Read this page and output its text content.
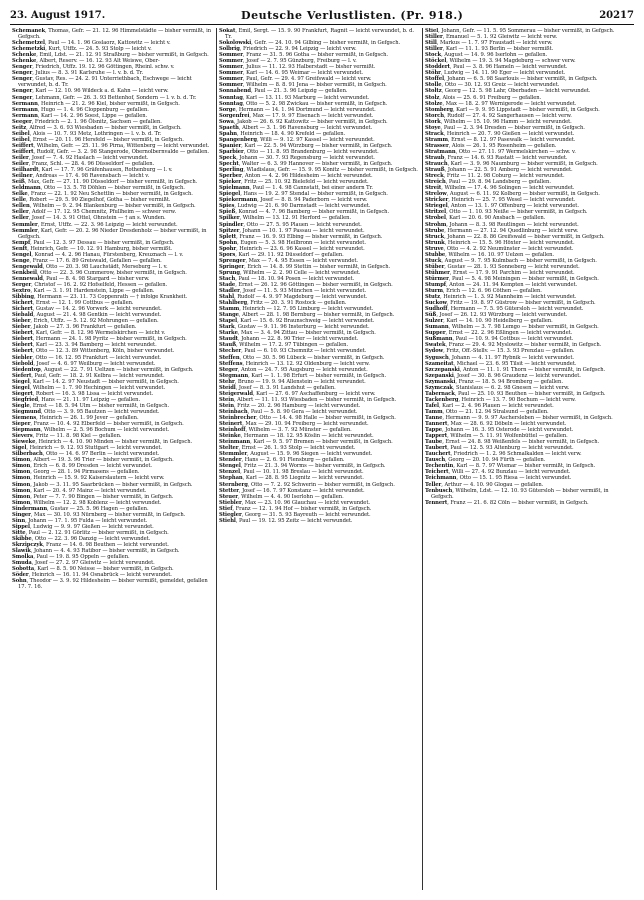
23. August 1917.	Deutsche Verlustlisten. (Pr. 918.)	20217

Schemanek, Thomas, Gefr. — 21. 12. 96 Himmelstädte — bisher vermißt, in Gefgsch.

Schemetzel, Paul — 14. 1. 96 Goslaorz, Kattowitz — leicht v.

Schemetzki, Kurt, Utffz. — 24. 5. 93 Stolp — leicht v.

Schenke, Emil, Ldst. — 21. 12. 91 Straßburg — bisher vermißt, in Gefgsch.

Schenke, Albert, Reserv. — 16. 12. 93 Alt Weiswe, Ober-

Senger, Friedrich, Utffz. 19. 12. 96 Göttingen, Rheinl. schw. v.

Senger, Julius — 8. 3. 91 Karlsruhe — l. v. b. d. Tr.

Senger, Gustav, Res. — 24. 2. 91 Unterriethbach, Eschwege — leicht verwundet, b. d. Tr.

Senger, Karl — 12. 10. 96 Wildeck a. d. Kahn — leicht verw.

Senger, Lehmann, Gefr. — 26. 3. 93 Bettenhof, Sondern — l. v. b. d. Tr.

Sermann, Heinrich — 21. 2. 96 Kiel, bisher vermißt, in Gefgsch.

Sermann, Hugo — 1. 4. 96 Cloppenburg — gefallen.

Sermann, Karl — 14. 2. 96 Soest, Lippe — gefallen.

Seeger, Friedrich — 2. 1. 96 Ölsnitz, Sachsen — gefallen.

Seitz, Alfred — 3. 6. 93 Wiesbaden — bisher vermißt, in Gefgsch.

Seibel, Alois — 10. 7. 93 Metz, Lothringen — l. v. b. d. Tr.

Seibel, Ernst — 20. 11. 96 Hersfeld — bisher vermißt, in Gefgsch.

Seiffert, Wilhelm, Gefr. — 25. 11. 96 Pirna, Wittenberg — leicht verwundet.

Seiffert, Rudolf, Gefr. — 3. 2. 98 Stangerode, Obernolbernvalde — gefallen.

Seiler, Josef — 7. 4. 92 Haslach — leicht verwundet.

Seiler, Franz, Schl. — 28. 4. 96 Düsseldorf — gefallen.

Seilhardt, Karl — 17. 7. 96 Gräfenhausen, Rothenburg — l. v.

Seilner, Andreas — 17. 4. 98 Ravensbach — leicht v.

Seiß, Max, Gefr. — 27. 11. 90 Düsseldorf — bisher vermißt, in Gefgsch.

Seldmann, Otto — 13. 5. 78 Döhlen — bisher vermißt, in Gefgsch.

Selke, Franz — 22. 1. 92 Neu Schettlin — bisher vermißt, in Gefgsch.

Selle, Robert — 29. 5. 90 Ziegelhof, Gotha — bisher vermißt.

Sellen, Wilhelm — 9. 2. 94 Blankenburg — bisher vermißt, in Gefgsch.

Seller, Adolf — 17. 12. 95 Chemnitz, Pfullheim — schwer verw.

Seller, Josef — 14. 3. 91 Ottel, Ohnstein — † an s. Wunden.

Semmler, Ernst, Utffz. — 22. 3. 96 Leipzig — leicht verwundet.

Semmler, Karl, Gefr. — 20. 2. 96 Nieder Dresdenholz — bisher vermißt, in Gefgsch.

Sempf, Paul — 12. 3. 97 Dessau — bisher vermißt, in Gefgsch.

Senft, Heinrich, Gefr. — 10. 12. 91 Hamburg, bisher vermißt.

Sengel, Konrad — 4. 2. 96 Hanau, Fürstenberg, Kreuznach — l. v.

Senge, Franz — 17. 6. 89 Greiswald, Gefallen — gefallen.

Sengewald, Otto — 20. 3. 98 Lauchstädt, Merseburg — l. v.

Senkbeil, Otto — 22. 3. 96 Cummerow, bisher vermißt, in Gefgsch.

Sennewald, Paul — 8. 4. 98 Stargard — bisher verw.

Serger, Christof — 16. 2. 92 Hofselfeld, Hessen — gefallen.

Sextro, Karl — 3. 1. 91 Hardenstein, Lippe — gefallen.

Sibbing, Hermann — 23. 11. 73 Coppenrath — † infolge Krankheit.

Sichert, Ernst — 12. 1. 99 Cottbus — gefallen.

Sichert, Gustav — 14. 2. 96 Vorwerk — leicht verwundet.

Siebald, August — 21. 4. 98 Gentkin — leicht verwundet.

Sieber, Erich, Utffz. — 5. 12. 92 Mohrungen — gefallen.

Sieber, Jakob — 27. 3. 96 Frankfurt — gefallen.

Siebert, Karl, Gefr. — 8. 12. 96 Wermelskirchen — leicht v.

Siebert, Hermann — 24. 1. 98 Pyritz — bisher vermißt, in Gefgsch.

Siebert, Karl — 23. 3. 94 Bamberg — leicht verwundet.

Siebert, Otto — 12. 3. 89 Wittenberg, Köln, bisher verwundet.

Siebler, Otto — 16. 12. 95 Frankfurt — leicht verwundet.

Siebold, Josef — 4. 6. 97 Weilburg — leicht verwundet.

Siedentop, August — 22. 7. 91 Ueltzen — bisher vermißt, in Gefgsch.

Siefert, Paul, Gefr. — 18. 2. 91 Kelbra — leicht verwundet.

Siegel, Karl — 14. 2. 97 Neustadt — bisher vermißt, in Gefgsch.

Siegel, Wilhelm — 1. 7. 90 Hechingen — leicht verwundet.

Siegert, Robert — 16. 3. 98 Lissa — leicht verwundet.

Siegfried, Hans — 21. 11. 97 Leipzig — gefallen.

Siegle, Ernst — 18. 5. 94 Ulm — bisher vermißt, in Gefgsch.

Siegmund, Otto — 3. 9. 95 Bautzen — leicht verwundet.

Siemens, Heinrich — 26. 1. 99 Jever — gefallen.

Sieper, Franz — 10. 4. 92 Elberfeld — bisher vermißt, in Gefgsch.

Siepmann, Wilhelm — 2. 5. 96 Bochum — leicht verwundet.

Sievers, Fritz — 11. 8. 98 Kiel — gefallen.

Sieweke, Heinrich — 4. 10. 90 Minden — bisher vermißt, in Gefgsch.

Sigel, Heinrich — 9. 12. 93 Stuttgart — leicht verwundet.

Silberbach, Otto — 14. 6. 97 Berlin — leicht verwundet.

Simon, Albert — 19. 3. 96 Trier — bisher vermißt, in Gefgsch.

Simon, Erich — 6. 8. 99 Dresden — leicht verwundet.

Simon, Georg — 28. 1. 94 Pirmasens — gefallen.

Simon, Heinrich — 15. 9. 92 Kaiserslautern — leicht verw.

Simon, Jakob — 3. 11. 95 Saarbrücken — bisher vermißt, in Gefgsch.

Simon, Karl — 20. 4. 97 Mainz — leicht verwundet.

Simon, Peter — 7. 7. 90 Bingen — bisher vermißt, in Gefgsch.

Simon, Wilhelm — 12. 2. 98 Koblenz — leicht verwundet.

Sindermann, Gustav — 25. 5. 96 Hagen — gefallen.

Singer, Max — 30. 10. 93 Nürnberg — bisher vermißt, in Gefgsch.

Sinn, Johann — 17. 1. 95 Fulda — leicht verwundet.

Sippel, Ludwig — 9. 9. 97 Gießen — leicht verwundet.

Sitte, Paul — 2. 12. 91 Görlitz — bisher vermißt, in Gefgsch.

Skibbe, Otto — 22. 3. 96 Danzig — leicht verwundet.

Skrzipczyk, Franz — 14. 6. 98 Beuthen — leicht verwundet.

Slawik, Johann — 4. 4. 93 Ratibor — bisher vermißt, in Gefgsch.

Smolka, Paul — 19. 8. 95 Oppeln — gefallen.

Smuda, Josef — 27. 2. 97 Gleiwitz — leicht verwundet.

Sobotta, Karl — 8. 5. 90 Neisse — bisher vermißt, in Gefgsch.

Söder, Heinrich — 16. 11. 94 Osnabrück — leicht verwundet.

Sohn, Theodor — 3. 9. 92 Hildesheim — bisher vermißt, gemeldet, gefallen 17. 7. 16.

Sokat, Emil, Sergt. — 15. 9. 90 Frankfurt, Ragnit — leicht verwundet, b. d. Tr.

Sokolowski, Gefr. — 24. 10. 94 Gilbing — bisher vermißt, in Gefgsch.

Solbrig, Friedrich — 22. 9. 94 Leipzig — leicht verw.

Sommer, Franz — 31. 5. 96 Gotha — bisher vermißt, in Gefgsch.

Sommer, Josef — 2. 7. 95 Günzburg, Freiburg — l. v.

Sommer, Julius — 11. 12. 93 Halberstadt — bisher vermißt.

Sommer, Karl — 14. 6. 95 Weimar — leicht verwundet.

Sommer, Paul, Gefr. — 29. 4. 97 Greifswald — leicht verw.

Sommer, Wilhelm — 8. 8. 91 Jena — bisher vermißt, in Gefgsch.

Sonnabend, Paul — 21. 3. 96 Leipzig — gefallen.

Sonntag, Karl — 13. 11. 93 Marburg — leicht verwundet.

Sonntag, Otto — 5. 2. 98 Zwickau — bisher vermißt, in Gefgsch.

Sorge, Hermann — 14. 1. 94 Dortmund — leicht verwundet.

Sorgenfrei, Max — 17. 9. 97 Eisenach — leicht verwundet.

Sowa, Jakob — 26. 6. 92 Kattowitz — bisher vermißt, in Gefgsch.

Spaeth, Albert — 3. 1. 96 Ravensburg — leicht verwundet.

Spahn, Heinrich — 18. 4. 90 Krefeld — gefallen.

Spangenberg, Willi — 9. 12. 97 Kassel — leicht verwundet.

Spanier, Karl — 22. 5. 94 Würzburg — bisher vermißt, in Gefgsch.

Sparbier, Otto — 11. 8. 95 Brandenburg — leicht verwundet.

Speck, Johann — 30. 7. 93 Regensburg — leicht verwundet.

Specht, Walter — 6. 3. 99 Hannover — bisher vermißt, in Gefgsch.

Sperling, Wladislaus, Gefr. — 15. 9. 95 Konitz — bisher vermißt, in Gefgsch.

Sperber, Anton — 4. 2. 96 Hildesheim — leicht verwundet.

Spieker, Fritz — 25. 10. 92 Bielefeld — leicht verwundet.

Spielmann, Paul — 1. 4. 98 Cannstatt, bei einer andern Tr.

Spiegel, Hans — 19. 2. 97 Stendal — bisher vermißt, in Gefgsch.

Spiekermann, Josef — 8. 8. 94 Paderborn — leicht verw.

Spies, Ludwig — 21. 6. 90 Darmstadt — leicht verwundet.

Spieß, Konrad — 4. 7. 96 Bamberg — bisher vermißt, in Gefgsch.

Spilker, Wilhelm — 13. 12. 91 Herford — gefallen.

Spindler, Otto — 27. 5. 95 Plauen — leicht verwundet.

Spitzer, Johann — 10. 1. 97 Passau — leicht verwundet.

Splett, Franz — 16. 9. 93 Elbing — bisher vermißt, in Gefgsch.

Spohn, Eugen — 5. 3. 98 Heilbronn — leicht verwundet.

Spohr, Heinrich — 23. 6. 96 Kassel — leicht verwundet.

Spors, Karl — 29. 11. 92 Düsseldorf — gefallen.

Sprenger, Max — 7. 4. 95 Essen — leicht verwundet.

Springer, Erich — 14. 8. 99 Stettin — bisher vermißt, in Gefgsch.

Sprung, Wilhelm — 2. 2. 90 Celle — leicht verwundet.

Stach, Paul — 18. 10. 94 Posen — leicht verwundet.

Stade, Ernst — 26. 12. 96 Göttingen — bisher vermißt, in Gefgsch.

Stadler, Josef — 11. 5. 93 München — leicht verwundet.

Stahl, Rudolf — 4. 9. 97 Magdeburg — leicht verwundet.

Stahlberg, Fritz — 20. 3. 91 Rostock — gefallen.

Stamm, Heinrich — 12. 7. 95 Limburg — leicht verwundet.

Stange, Albert — 28. 1. 98 Bernburg — bisher vermißt, in Gefgsch.

Stapel, Karl — 15. 6. 92 Braunschweig — leicht verwundet.

Stark, Gustav — 9. 11. 96 Insterburg — leicht verwundet.

Starke, Max — 3. 4. 94 Zittau — bisher vermißt, in Gefgsch.

Staudt, Johann — 22. 8. 90 Trier — leicht verwundet.

Stauß, Wilhelm — 17. 2. 97 Tübingen — gefallen.

Stecher, Paul — 6. 10. 93 Chemnitz — leicht verwundet.

Steffen, Otto — 30. 5. 96 Lübeck — bisher vermißt, in Gefgsch.

Steffens, Heinrich — 13. 12. 92 Oldenburg — leicht verw.

Steger, Anton — 24. 7. 95 Augsburg — leicht verwundet.

Stegmann, Karl — 1. 1. 98 Erfurt — bisher vermißt, in Gefgsch.

Stehr, Bruno — 19. 9. 94 Allenstein — leicht verwundet.

Steidl, Josef — 8. 3. 91 Landshut — gefallen.

Steigerwald, Karl — 27. 6. 97 Aschaffenburg — leicht verw.

Stein, Albert — 11. 11. 93 Wiesbaden — bisher vermißt, in Gefgsch.

Stein, Fritz — 20. 2. 96 Hamburg — leicht verwundet.

Steinbach, Paul — 5. 8. 90 Gera — leicht verwundet.

Steinbrecher, Otto — 14. 4. 98 Halle — bisher vermißt, in Gefgsch.

Steinert, Max — 29. 10. 94 Freiberg — leicht verwundet.

Steinhoff, Wilhelm — 3. 7. 92 Münster — gefallen.

Steinke, Hermann — 18. 12. 95 Köslin — leicht verwundet.

Steinmann, Karl — 9. 5. 97 Bremen — bisher vermißt, in Gefgsch.

Stelter, Ernst — 26. 1. 93 Stolp — leicht verwundet.

Stemmler, August — 15. 9. 96 Siegen — leicht verwundet.

Stender, Hans — 2. 6. 91 Flensburg — gefallen.

Stengel, Fritz — 21. 3. 94 Worms — bisher vermißt, in Gefgsch.

Stenzel, Paul — 10. 11. 98 Breslau — leicht verwundet.

Stephan, Karl — 28. 8. 95 Liegnitz — leicht verwundet.

Sternberg, Otto — 7. 2. 92 Schwerin — bisher vermißt, in Gefgsch.

Stetter, Josef — 16. 7. 97 Konstanz — leicht verwundet.

Steuer, Wilhelm — 4. 4. 90 Iserlohn — gefallen.

Stiebler, Max — 23. 10. 96 Glauchau — leicht verwundet.

Stief, Franz — 12. 1. 94 Hof — bisher vermißt, in Gefgsch.

Stiegler, Georg — 31. 5. 93 Bayreuth — leicht verwundet.

Stiehl, Paul — 19. 12. 95 Zeitz — leicht verwundet.

Stiel, Johann, Gefr. — 11. 5. 95 Sommerau — bisher vermißt, in Gefgsch.

Stiller, Emanuel — 5. 1. 92 Gleiwitz — leicht verw.

Still, Markus — 1. 7. 97 Fraustadt — leicht verw.

Stiller, Karl — 11. 1. 93 Berlin — bisher vermißt.

Stock, August — 14. 9. 96 Iserlohn — gefallen.

Stöckel, Wilhelm — 19. 3. 94 Magdeburg — schwer verw.

Stoddert, Paul — 3. 8. 96 Hameln — leicht verwundet.

Stöhr, Ludwig — 14. 11. 90 Eger — leicht verwundet.

Stoffel, Johann — 6. 5. 98 Saarlouis — bisher vermißt, in Gefgsch.

Stolle, Otto — 30. 12. 93 Greiz — leicht verwundet.

Stoltz, Georg — 12. 5. 98 Lahr, Oberbaden — leicht verwundet.

Stolz, Alois — 25. 6. 91 Freiburg — gefallen.

Stolze, Max — 18. 2. 97 Wernigerode — leicht verwundet.

Stomberg, Karl — 9. 9. 95 Lippstadt — bisher vermißt, in Gefgsch.

Storch, Rudolf — 27. 4. 92 Sangerhausen — leicht verw.

Stork, Wilhelm — 15. 10. 96 Hamm — leicht verwundet.

Stoye, Paul — 2. 3. 94 Dresden — bisher vermißt, in Gefgsch.

Strack, Heinrich — 20. 7. 90 Gießen — leicht verwundet.

Stramm, Ernst — 8. 12. 97 Pasewalk — leicht verwundet.

Strasser, Alois — 26. 1. 95 Rosenheim — gefallen.

Stratmann, Otto — 27. 11. 97 Wermelskirchen — schw. v.

Straub, Franz — 14. 6. 93 Rastatt — leicht verwundet.

Strauch, Karl — 3. 9. 96 Naumburg — bisher vermißt, in Gefgsch.

Strauß, Johann — 22. 5. 91 Amberg — leicht verwundet.

Streck, Fritz — 11. 2. 98 Coburg — leicht verwundet.

Streich, Paul — 29. 8. 94 Landsberg — gefallen.

Streit, Wilhelm — 17. 4. 96 Solingen — leicht verwundet.

Strelow, August — 6. 11. 92 Kolberg — bisher vermißt, in Gefgsch.

Stricker, Heinrich — 25. 7. 95 Wesel — leicht verwundet.

Striegel, Anton — 13. 1. 97 Offenburg — leicht verwundet.

Stritzel, Otto — 1. 10. 93 Neiße — bisher vermißt, in Gefgsch.

Strobel, Karl — 20. 6. 90 Ansbach — gefallen.

Strohm, Johann — 8. 3. 98 Reutlingen — leicht verwundet.

Strube, Hermann — 27. 12. 94 Quedlinburg — leicht verw.

Struck, Johann — 22. 8. 86 Greifswald — bisher vermißt, in Gefgsch.

Strunk, Heinrich — 15. 5. 96 Höxter — leicht verwundet.

Struve, Otto — 4. 2. 92 Neumünster — leicht verwundet.

Stubbe, Wilhelm — 16. 10. 97 Uelzen — gefallen.

Stuck, August — 9. 7. 95 Kulmbach — bisher vermißt, in Gefgsch.

Stüber, Gustav — 28. 1. 93 Sonneberg — leicht verwundet.

Stühmer, Ernst — 17. 9. 91 Parchim — leicht verwundet.

Stürmer, Paul — 5. 4. 98 Meiningen — bisher vermißt, in Gefgsch.

Stumpf, Anton — 24. 11. 94 Kempten — leicht verwundet.

Sturm, Erich — 12. 6. 96 Cöthen — gefallen.

Stutz, Heinrich — 1. 3. 92 Mannheim — leicht verwundet.

Suckow, Fritz — 19. 8. 97 Güstrow — bisher vermißt, in Gefgsch.

Sudhoff, Hermann — 7. 5. 95 Gütersloh — leicht verwundet.

Süß, Josef — 26. 12. 93 Würzburg — leicht verwundet.

Sulzer, Karl — 14. 10. 90 Heidelberg — gefallen.

Sumann, Wilhelm — 3. 7. 98 Lemgo — bisher vermißt, in Gefgsch.

Supper, Ernst — 22. 2. 96 Eßlingen — leicht verwundet.

Sußmann, Paul — 10. 9. 94 Cottbus — leicht verwundet.

Swatek, Franz — 29. 4. 92 Myslowitz — bisher vermißt, in Gefgsch.

Sydow, Fritz, Off.-Stellv. — 15. 3. 93 Prenzlau — gefallen.

Sygusch, Johann — 4. 11. 97 Rybnik — leicht verwundet.

Szameitat, Michael — 23. 6. 95 Tilsit — leicht verwundet.

Szczepanski, Anton — 11. 1. 91 Thorn — bisher vermißt, in Gefgsch.

Szepanski, Josef — 30. 8. 96 Graudenz — leicht verwundet.

Szymanski, Franz — 18. 5. 94 Bromberg — gefallen.

Szymczak, Stanislaus — 6. 2. 98 Gnesen — leicht verw.

Tabernack, Paul — 25. 10. 93 Beuthen — bisher vermißt, in Gefgsch.

Tackenberg, Heinrich — 13. 7. 90 Bochum — leicht verw.

Tafel, Karl — 2. 4. 96 Plauen — leicht verwundet.

Tamm, Otto — 21. 12. 94 Stralsund — gefallen.

Tanne, Hermann — 9. 9. 97 Aschersleben — bisher vermißt, in Gefgsch.

Tannert, Max — 28. 6. 92 Döbeln — leicht verwundet.

Tappe, Johann — 16. 3. 95 Osterode — leicht verwundet.

Tappert, Wilhelm — 5. 11. 91 Wolfenbüttel — gefallen.

Taube, Ernst — 24. 8. 98 Weißenfels — bisher vermißt, in Gefgsch.

Taubert, Paul — 12. 5. 93 Altenburg — leicht verwundet.

Tauchert, Friedrich — 1. 2. 96 Schmalkalden — leicht verw.

Tausch, Georg — 20. 10. 94 Fürth — gefallen.

Techentin, Karl — 8. 7. 97 Wismar — bisher vermißt, in Gefgsch.

Teichert, Willi — 27. 4. 92 Bunzlau — leicht verwundet.

Teichmann, Otto — 15. 1. 95 Riesa — leicht verwundet.

Teller, Arthur — 4. 10. 90 Glogau — gefallen.

Tenbusch, Wilhelm, Ldst. — 12. 10. 93 Gütersloh — bisher vermißt, in Gefgsch.

Tennert, Franz — 21. 6. 82 Cöln — bisher vermißt, in Gefgsch.
